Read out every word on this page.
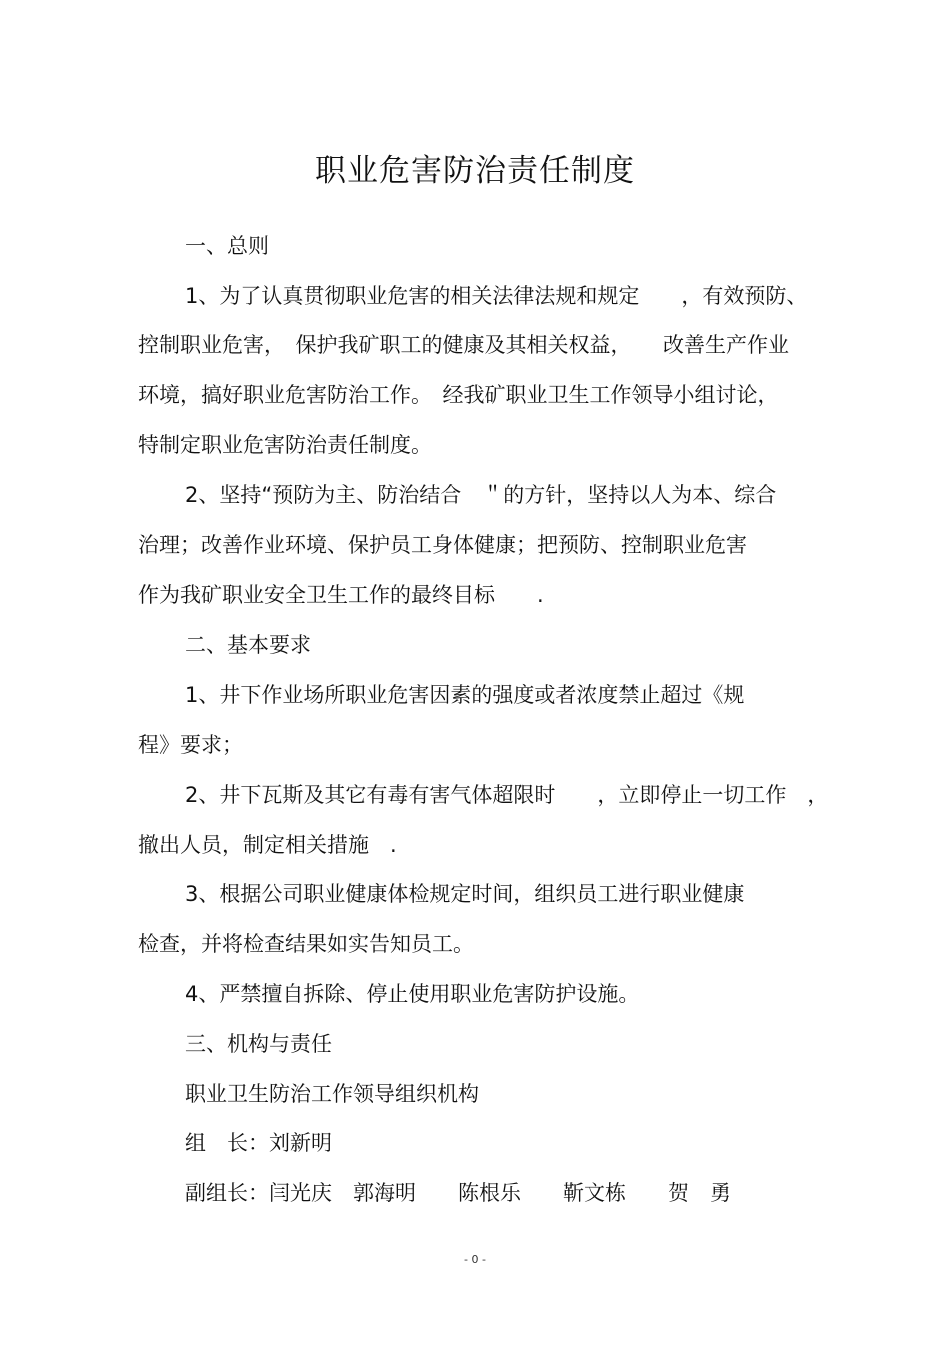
职业危害防治责任制度
一、总则
1、为了认真贯彻职业危害的相关法律法规和规定　　，有效预防、
控制职业危害，　保护我矿职工的健康及其相关权益，　　改善生产作业
环境，搞好职业危害防治工作。　经我矿职业卫生工作领导小组讨论，
特制定职业危害防治责任制度。
2、坚持“预防为主、防治结合　＂的方针，坚持以人为本、综合
治理；改善作业环境、保护员工身体健康；把预防、控制职业危害
作为我矿职业安全卫生工作的最终目标　　.
二、基本要求
1、井下作业场所职业危害因素的强度或者浓度禁止超过《规
程》要求；
2、井下瓦斯及其它有毒有害气体超限时　　，立即停止一切工作　，
撤出人员，制定相关措施　.
3、根据公司职业健康体检规定时间，组织员工进行职业健康
检查，并将检查结果如实告知员工。
4、严禁擅自拆除、停止使用职业危害防护设施。
三、机构与责任
职业卫生防治工作领导组织机构
组　长：刘新明
副组长：闫光庆　郭海明　　陈根乐　　靳文栋　　贺　勇
- 0 -
